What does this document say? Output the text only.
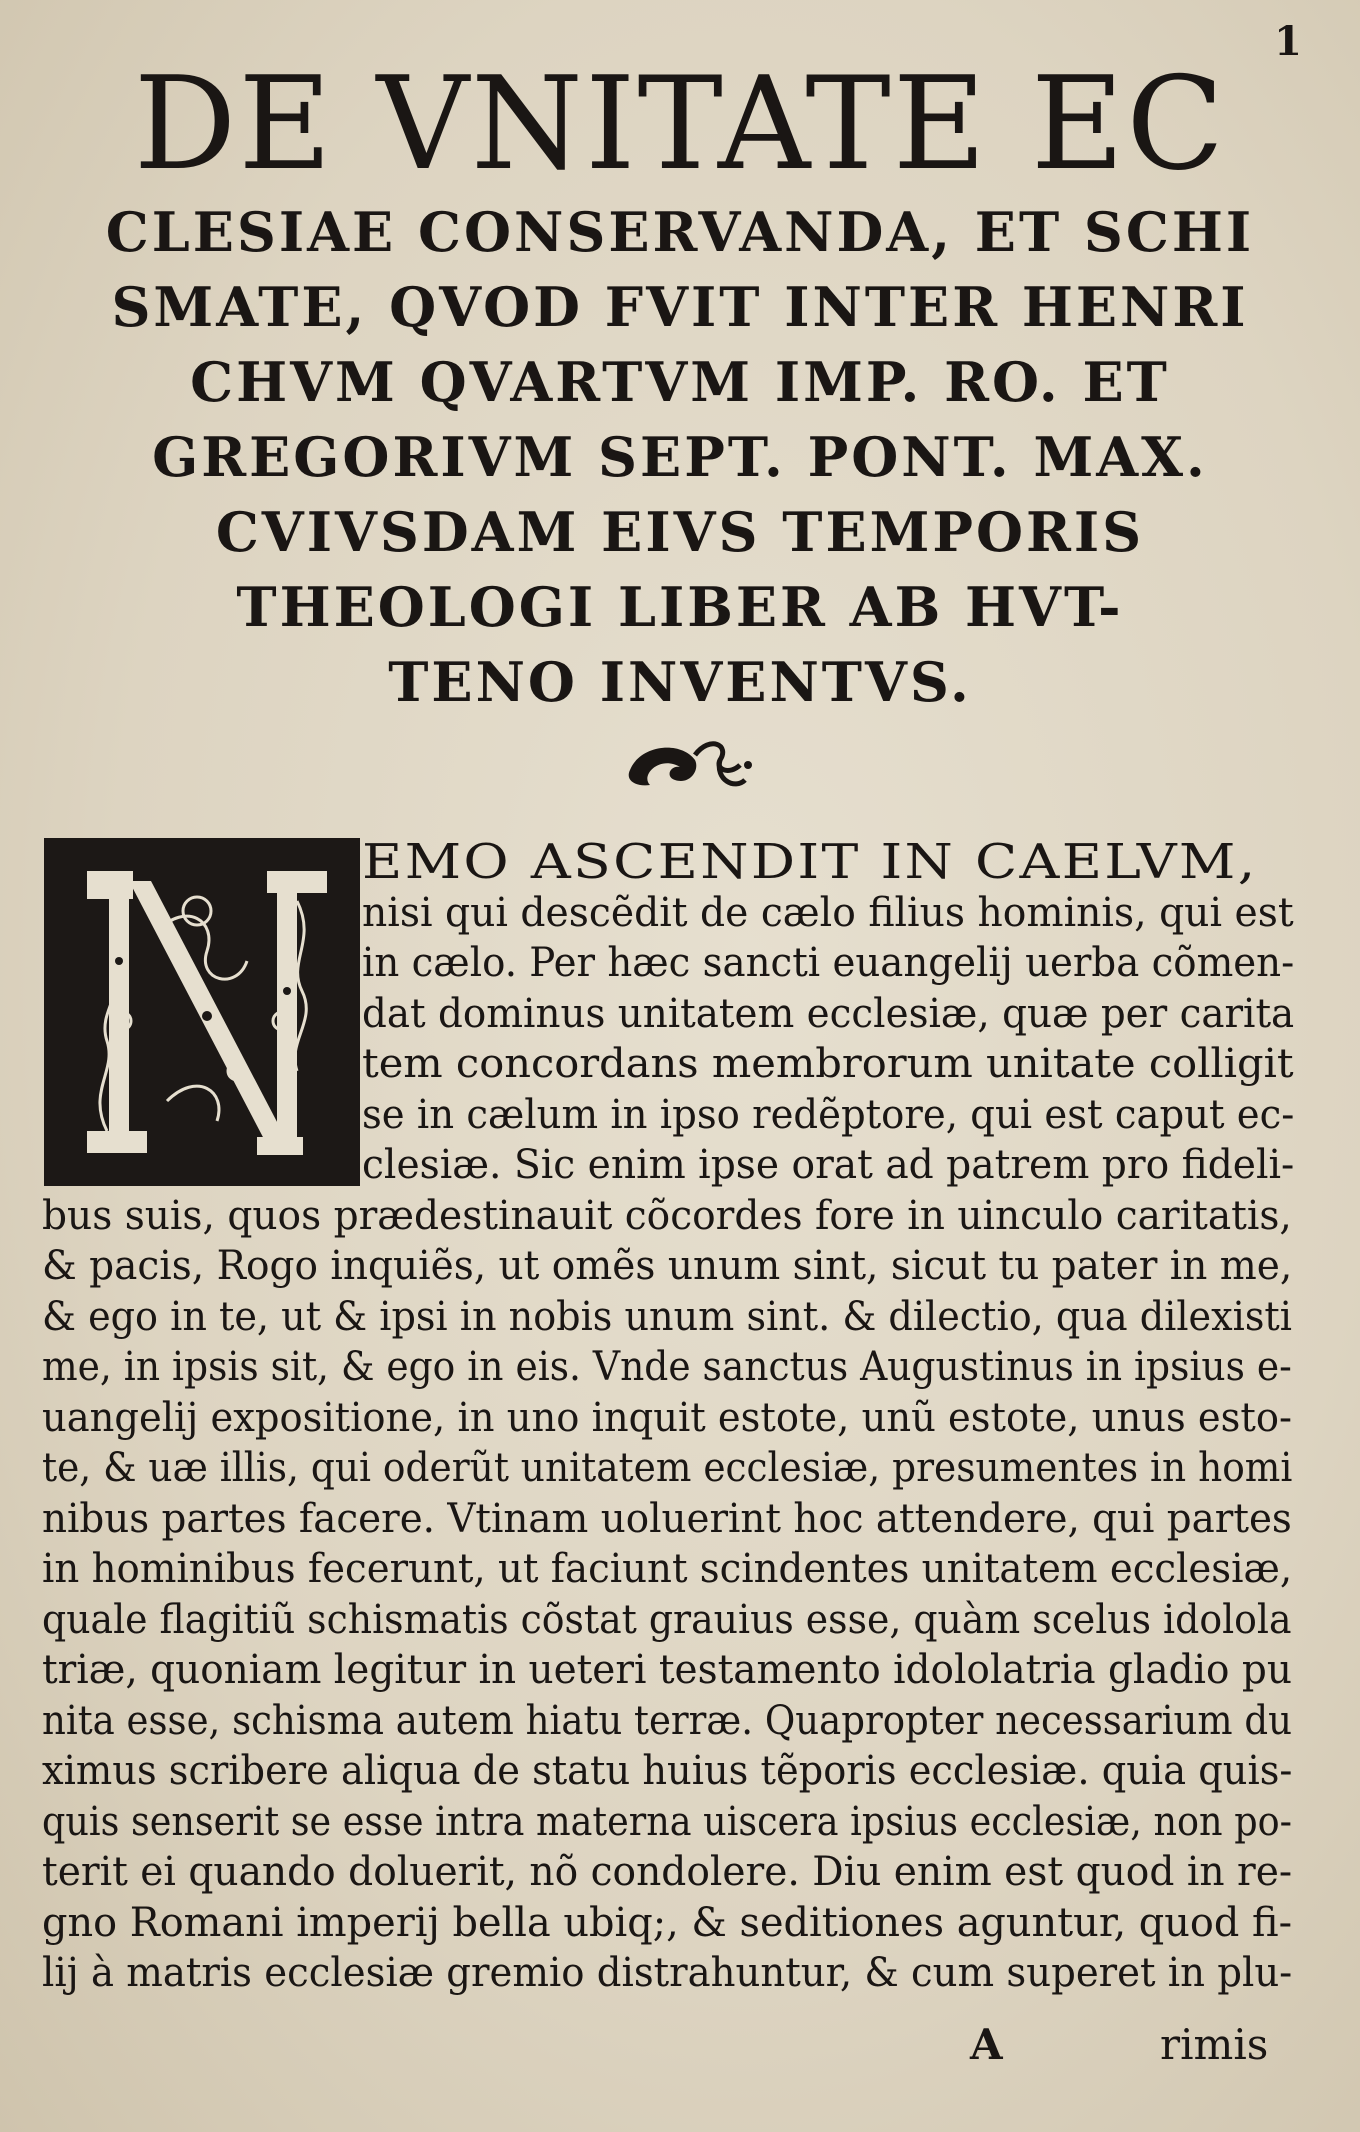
1
DE VNITATE EC
CLESIAE CONSERVANDA, ET SCHI
SMATE, QVOD FVIT INTER HENRI
CHVM QVARTVM IMP. RO. ET
GREGORIVM SEPT. PONT. MAX.
CVIVSDAM EIVS TEMPORIS
THEOLOGI LIBER AB HVT-
TENO INVENTVS.
EMO ASCENDIT IN CAELVM,
nisi qui descẽdit de cælo filius hominis, qui est
in cælo. Per hæc sancti euangelij uerba cõmen-
dat dominus unitatem ecclesiæ, quæ per carita
tem concordans membrorum unitate colligit
se in cælum in ipso redẽptore, qui est caput ec-
clesiæ. Sic enim ipse orat ad patrem pro fideli-
bus suis, quos prædestinauit cõcordes fore in uinculo caritatis,
& pacis, Rogo inquiẽs, ut omẽs unum sint, sicut tu pater in me,
& ego in te, ut & ipsi in nobis unum sint. & dilectio, qua dilexisti
me, in ipsis sit, & ego in eis. Vnde sanctus Augustinus in ipsius e-
uangelij expositione, in uno inquit estote, unũ estote, unus esto-
te, & uæ illis, qui oderũt unitatem ecclesiæ, presumentes in homi
nibus partes facere. Vtinam uoluerint hoc attendere, qui partes
in hominibus fecerunt, ut faciunt scindentes unitatem ecclesiæ,
quale flagitiũ schismatis cõstat grauius esse, quàm scelus idolola
triæ, quoniam legitur in ueteri testamento idololatria gladio pu
nita esse, schisma autem hiatu terræ. Quapropter necessarium du
ximus scribere aliqua de statu huius tẽporis ecclesiæ. quia quis-
quis senserit se esse intra materna uiscera ipsius ecclesiæ, non po-
terit ei quando doluerit, nõ condolere. Diu enim est quod in re-
gno Romani imperij bella ubiq;, & seditiones aguntur, quod fi-
lij à matris ecclesiæ gremio distrahuntur, & cum superet in plu-
A	rimis
